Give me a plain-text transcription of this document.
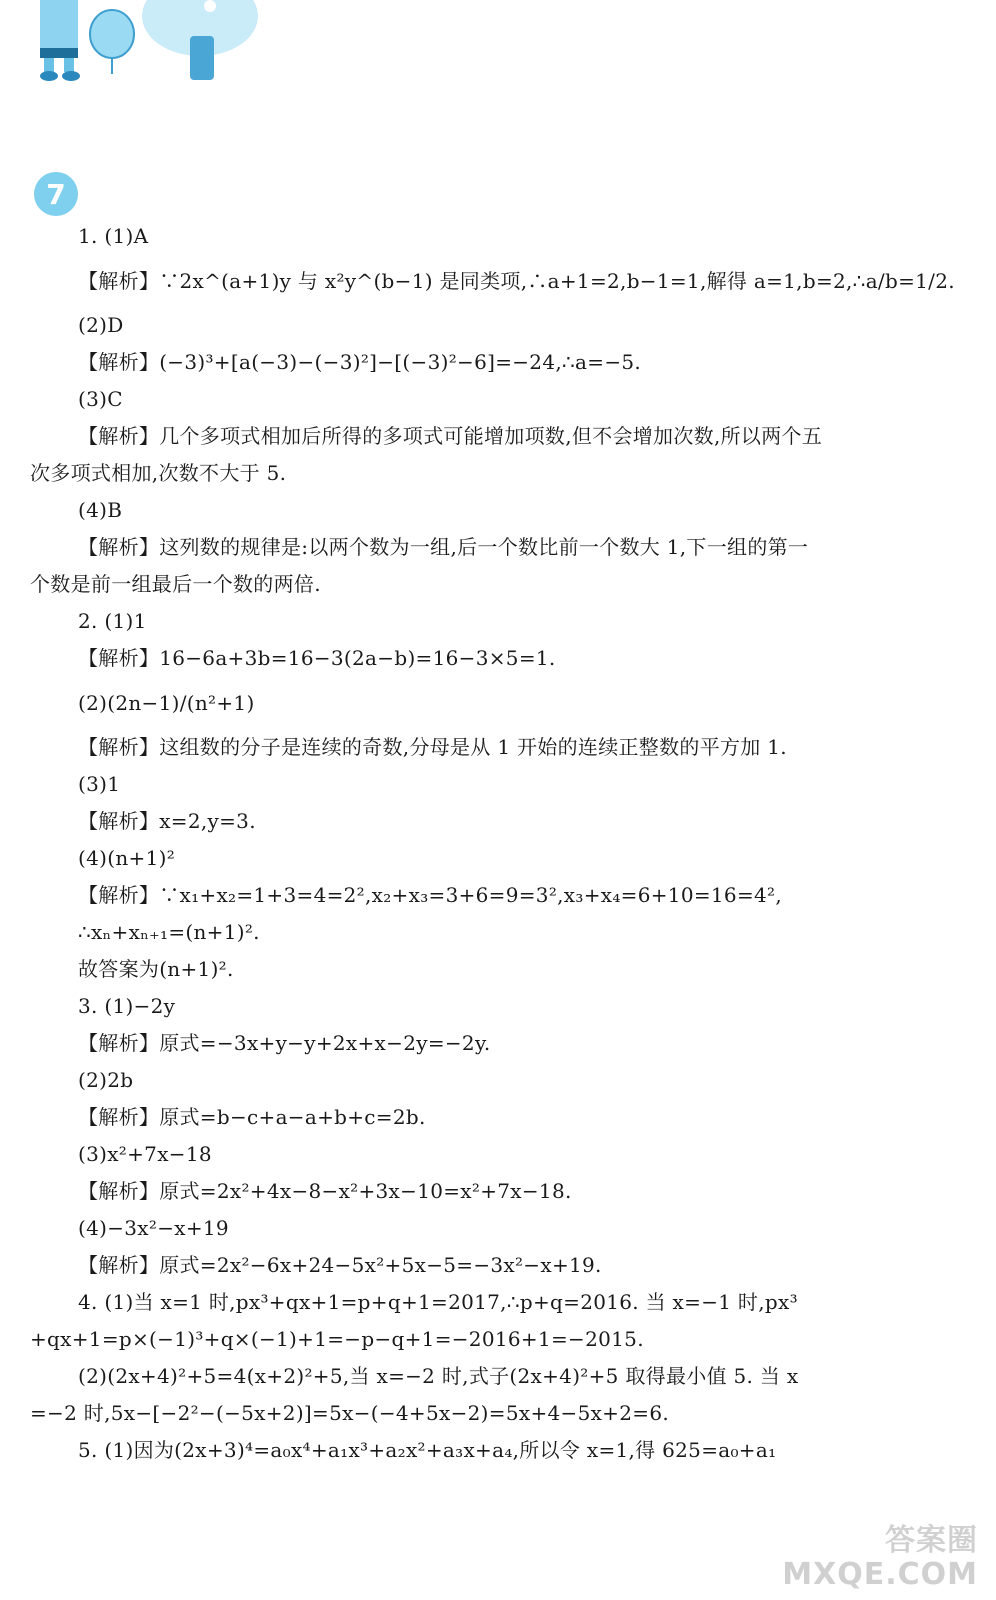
7
1. (1)A
【解析】∵2x^(a+1)y 与 x²y^(b−1) 是同类项,∴a+1=2,b−1=1,解得 a=1,b=2,∴a/b=1/2.
(2)D
【解析】(−3)³+[a(−3)−(−3)²]−[(−3)²−6]=−24,∴a=−5.
(3)C
【解析】几个多项式相加后所得的多项式可能增加项数,但不会增加次数,所以两个五
次多项式相加,次数不大于 5.
(4)B
【解析】这列数的规律是:以两个数为一组,后一个数比前一个数大 1,下一组的第一
个数是前一组最后一个数的两倍.
2. (1)1
【解析】16−6a+3b=16−3(2a−b)=16−3×5=1.
(2)(2n−1)/(n²+1)
【解析】这组数的分子是连续的奇数,分母是从 1 开始的连续正整数的平方加 1.
(3)1
【解析】x=2,y=3.
(4)(n+1)²
【解析】∵x₁+x₂=1+3=4=2²,x₂+x₃=3+6=9=3²,x₃+x₄=6+10=16=4²,
∴xₙ+xₙ₊₁=(n+1)².
故答案为(n+1)².
3. (1)−2y
【解析】原式=−3x+y−y+2x+x−2y=−2y.
(2)2b
【解析】原式=b−c+a−a+b+c=2b.
(3)x²+7x−18
【解析】原式=2x²+4x−8−x²+3x−10=x²+7x−18.
(4)−3x²−x+19
【解析】原式=2x²−6x+24−5x²+5x−5=−3x²−x+19.
4. (1)当 x=1 时,px³+qx+1=p+q+1=2017,∴p+q=2016. 当 x=−1 时,px³
+qx+1=p×(−1)³+q×(−1)+1=−p−q+1=−2016+1=−2015.
(2)(2x+4)²+5=4(x+2)²+5,当 x=−2 时,式子(2x+4)²+5 取得最小值 5. 当 x
=−2 时,5x−[−2²−(−5x+2)]=5x−(−4+5x−2)=5x+4−5x+2=6.
5. (1)因为(2x+3)⁴=a₀x⁴+a₁x³+a₂x²+a₃x+a₄,所以令 x=1,得 625=a₀+a₁
答案圈
MXQE.COM
